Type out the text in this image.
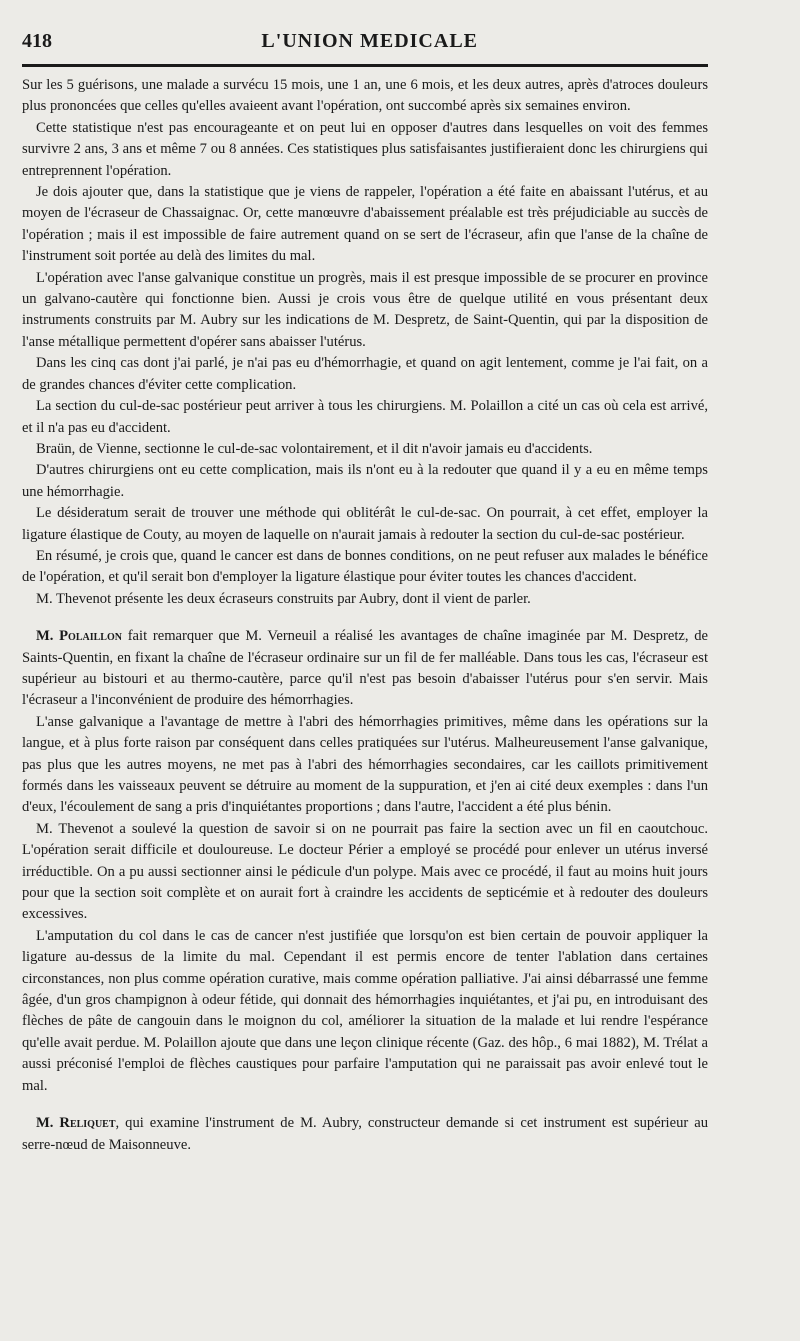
418	L'UNION MEDICALE

Sur les 5 guérisons, une malade a survécu 15 mois, une 1 an, une 6 mois, et les deux autres, après d'atroces douleurs plus prononcées que celles qu'elles avaieent avant l'opération, ont succombé après six semaines environ.

Cette statistique n'est pas encourageante et on peut lui en opposer d'autres dans lesquelles on voit des femmes survivre 2 ans, 3 ans et même 7 ou 8 années. Ces statistiques plus satisfaisantes justifieraient donc les chirurgiens qui entreprennent l'opération.

Je dois ajouter que, dans la statistique que je viens de rappeler, l'opération a été faite en abaissant l'utérus, et au moyen de l'écraseur de Chassaignac. Or, cette manœuvre d'abaissement préalable est très préjudiciable au succès de l'opération ; mais il est impossible de faire autrement quand on se sert de l'écraseur, afin que l'anse de la chaîne de l'instrument soit portée au delà des limites du mal.

L'opération avec l'anse galvanique constitue un progrès, mais il est presque impossible de se procurer en province un galvano-cautère qui fonctionne bien. Aussi je crois vous être de quelque utilité en vous présentant deux instruments construits par M. Aubry sur les indications de M. Despretz, de Saint-Quentin, qui par la disposition de l'anse métallique permettent d'opérer sans abaisser l'utérus.

Dans les cinq cas dont j'ai parlé, je n'ai pas eu d'hémorrhagie, et quand on agit lentement, comme je l'ai fait, on a de grandes chances d'éviter cette complication.

La section du cul-de-sac postérieur peut arriver à tous les chirurgiens. M. Polaillon a cité un cas où cela est arrivé, et il n'a pas eu d'accident.

Braün, de Vienne, sectionne le cul-de-sac volontairement, et il dit n'avoir jamais eu d'accidents.

D'autres chirurgiens ont eu cette complication, mais ils n'ont eu à la redouter que quand il y a eu en même temps une hémorrhagie.

Le désideratum serait de trouver une méthode qui oblitérât le cul-de-sac. On pourrait, à cet effet, employer la ligature élastique de Couty, au moyen de laquelle on n'aurait jamais à redouter la section du cul-de-sac postérieur.

En résumé, je crois que, quand le cancer est dans de bonnes conditions, on ne peut refuser aux malades le bénéfice de l'opération, et qu'il serait bon d'employer la ligature élastique pour éviter toutes les chances d'accident.

M. Thevenot présente les deux écraseurs construits par Aubry, dont il vient de parler.

M. Polaillon fait remarquer que M. Verneuil a réalisé les avantages de chaîne imaginée par M. Despretz, de Saints-Quentin, en fixant la chaîne de l'écraseur ordinaire sur un fil de fer malléable. Dans tous les cas, l'écraseur est supérieur au bistouri et au thermo-cautère, parce qu'il n'est pas besoin d'abaisser l'utérus pour s'en servir. Mais l'écraseur a l'inconvénient de produire des hémorrhagies.

L'anse galvanique a l'avantage de mettre à l'abri des hémorrhagies primitives, même dans les opérations sur la langue, et à plus forte raison par conséquent dans celles pratiquées sur l'utérus. Malheureusement l'anse galvanique, pas plus que les autres moyens, ne met pas à l'abri des hémorrhagies secondaires, car les caillots primitivement formés dans les vaisseaux peuvent se détruire au moment de la suppuration, et j'en ai cité deux exemples : dans l'un d'eux, l'écoulement de sang a pris d'inquiétantes proportions ; dans l'autre, l'accident a été plus bénin.

M. Thevenot a soulevé la question de savoir si on ne pourrait pas faire la section avec un fil en caoutchouc. L'opération serait difficile et douloureuse. Le docteur Périer a employé se procédé pour enlever un utérus inversé irréductible. On a pu aussi sectionner ainsi le pédicule d'un polype. Mais avec ce procédé, il faut au moins huit jours pour que la section soit complète et on aurait fort à craindre les accidents de septicémie et à redouter des douleurs excessives.

L'amputation du col dans le cas de cancer n'est justifiée que lorsqu'on est bien certain de pouvoir appliquer la ligature au-dessus de la limite du mal. Cependant il est permis encore de tenter l'ablation dans certaines circonstances, non plus comme opération curative, mais comme opération palliative. J'ai ainsi débarrassé une femme âgée, d'un gros champignon à odeur fétide, qui donnait des hémorrhagies inquiétantes, et j'ai pu, en introduisant des flèches de pâte de cangouin dans le moignon du col, améliorer la situation de la malade et lui rendre l'espérance qu'elle avait perdue. M. Polaillon ajoute que dans une leçon clinique récente (Gaz. des hôp., 6 mai 1882), M. Trélat a aussi préconisé l'emploi de flèches caustiques pour parfaire l'amputation qui ne paraissait pas avoir enlevé tout le mal.

M. Reliquet, qui examine l'instrument de M. Aubry, constructeur demande si cet instrument est supérieur au serre-nœud de Maisonneuve.
